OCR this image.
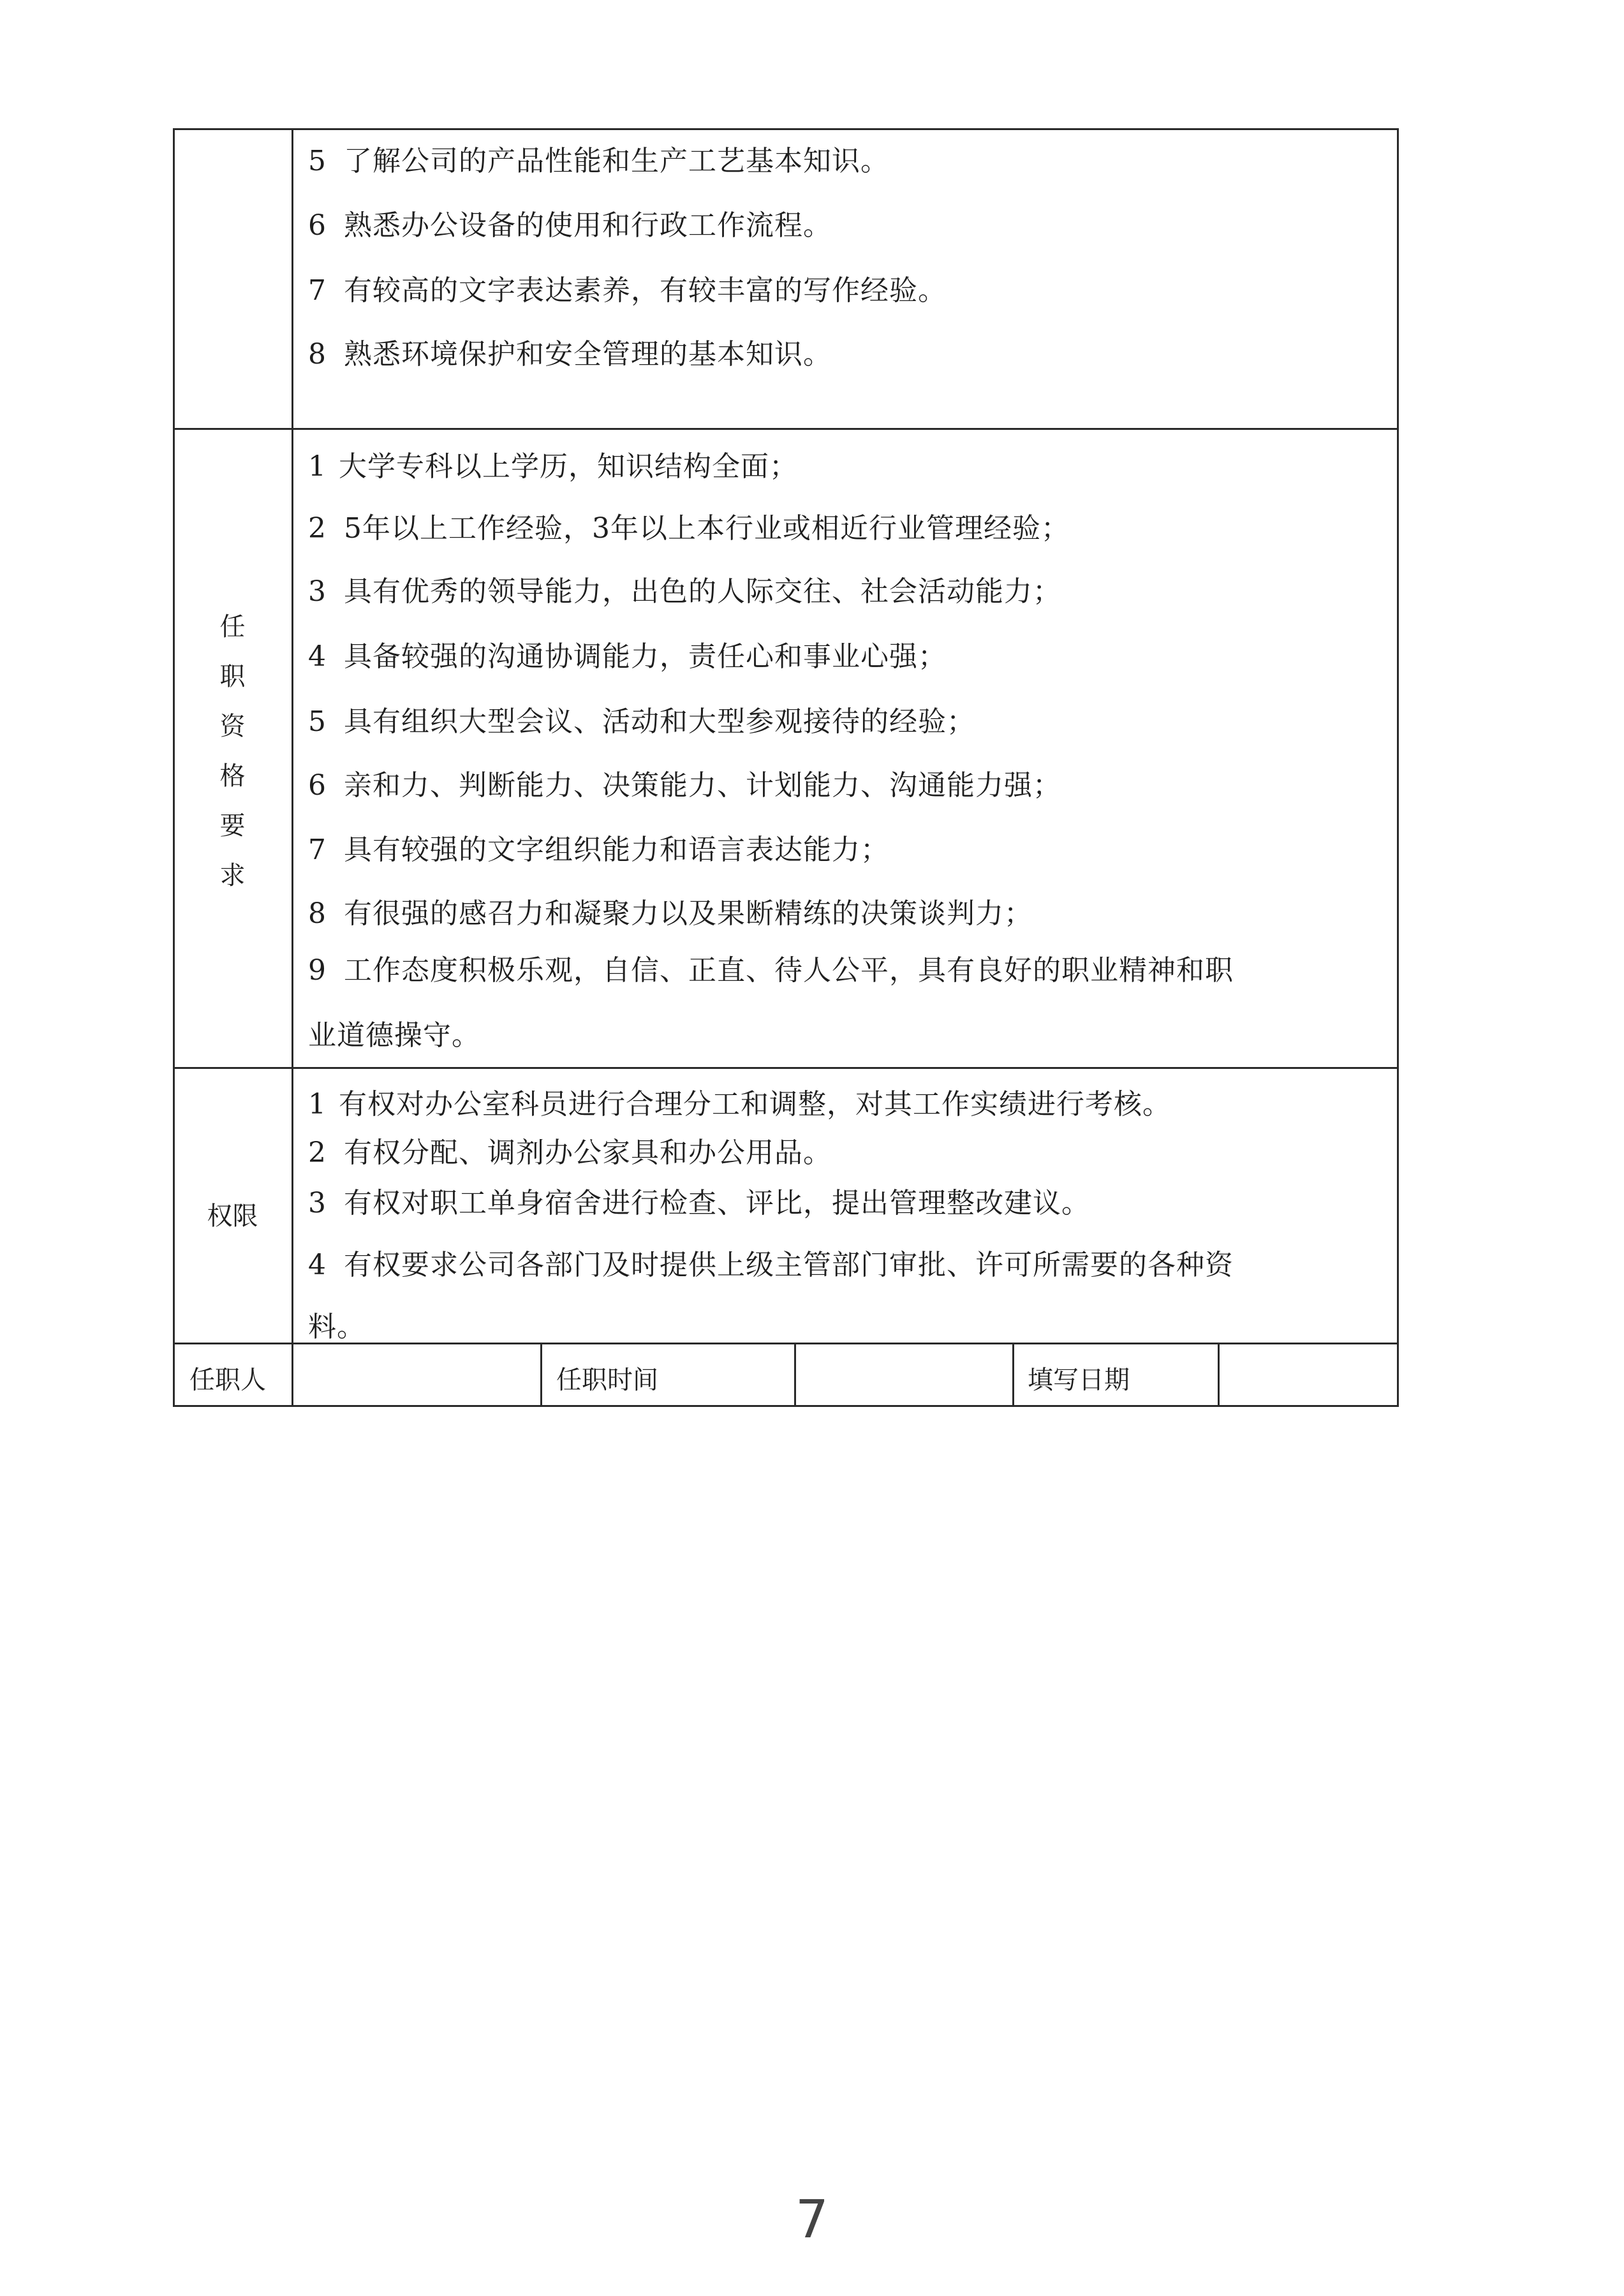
5 了解公司的产品性能和生产工艺基本知识。
6 熟悉办公设备的使用和行政工作流程。
7 有较高的文字表达素养，有较丰富的写作经验。
8 熟悉环境保护和安全管理的基本知识。
任
职
资
格
要
求
1 大学专科以上学历，知识结构全面；
2 5年以上工作经验，3年以上本行业或相近行业管理经验；
3 具有优秀的领导能力，出色的人际交往、社会活动能力；
4 具备较强的沟通协调能力，责任心和事业心强；
5 具有组织大型会议、活动和大型参观接待的经验；
6 亲和力、判断能力、决策能力、计划能力、沟通能力强；
7 具有较强的文字组织能力和语言表达能力；
8 有很强的感召力和凝聚力以及果断精练的决策谈判力；
9 工作态度积极乐观，自信、正直、待人公平，具有良好的职业精神和职
业道德操守。
权限
1 有权对办公室科员进行合理分工和调整，对其工作实绩进行考核。
2 有权分配、调剂办公家具和办公用品。
3 有权对职工单身宿舍进行检查、评比，提出管理整改建议。
4 有权要求公司各部门及时提供上级主管部门审批、许可所需要的各种资
料。
任职人	任职时间	填写日期
7
